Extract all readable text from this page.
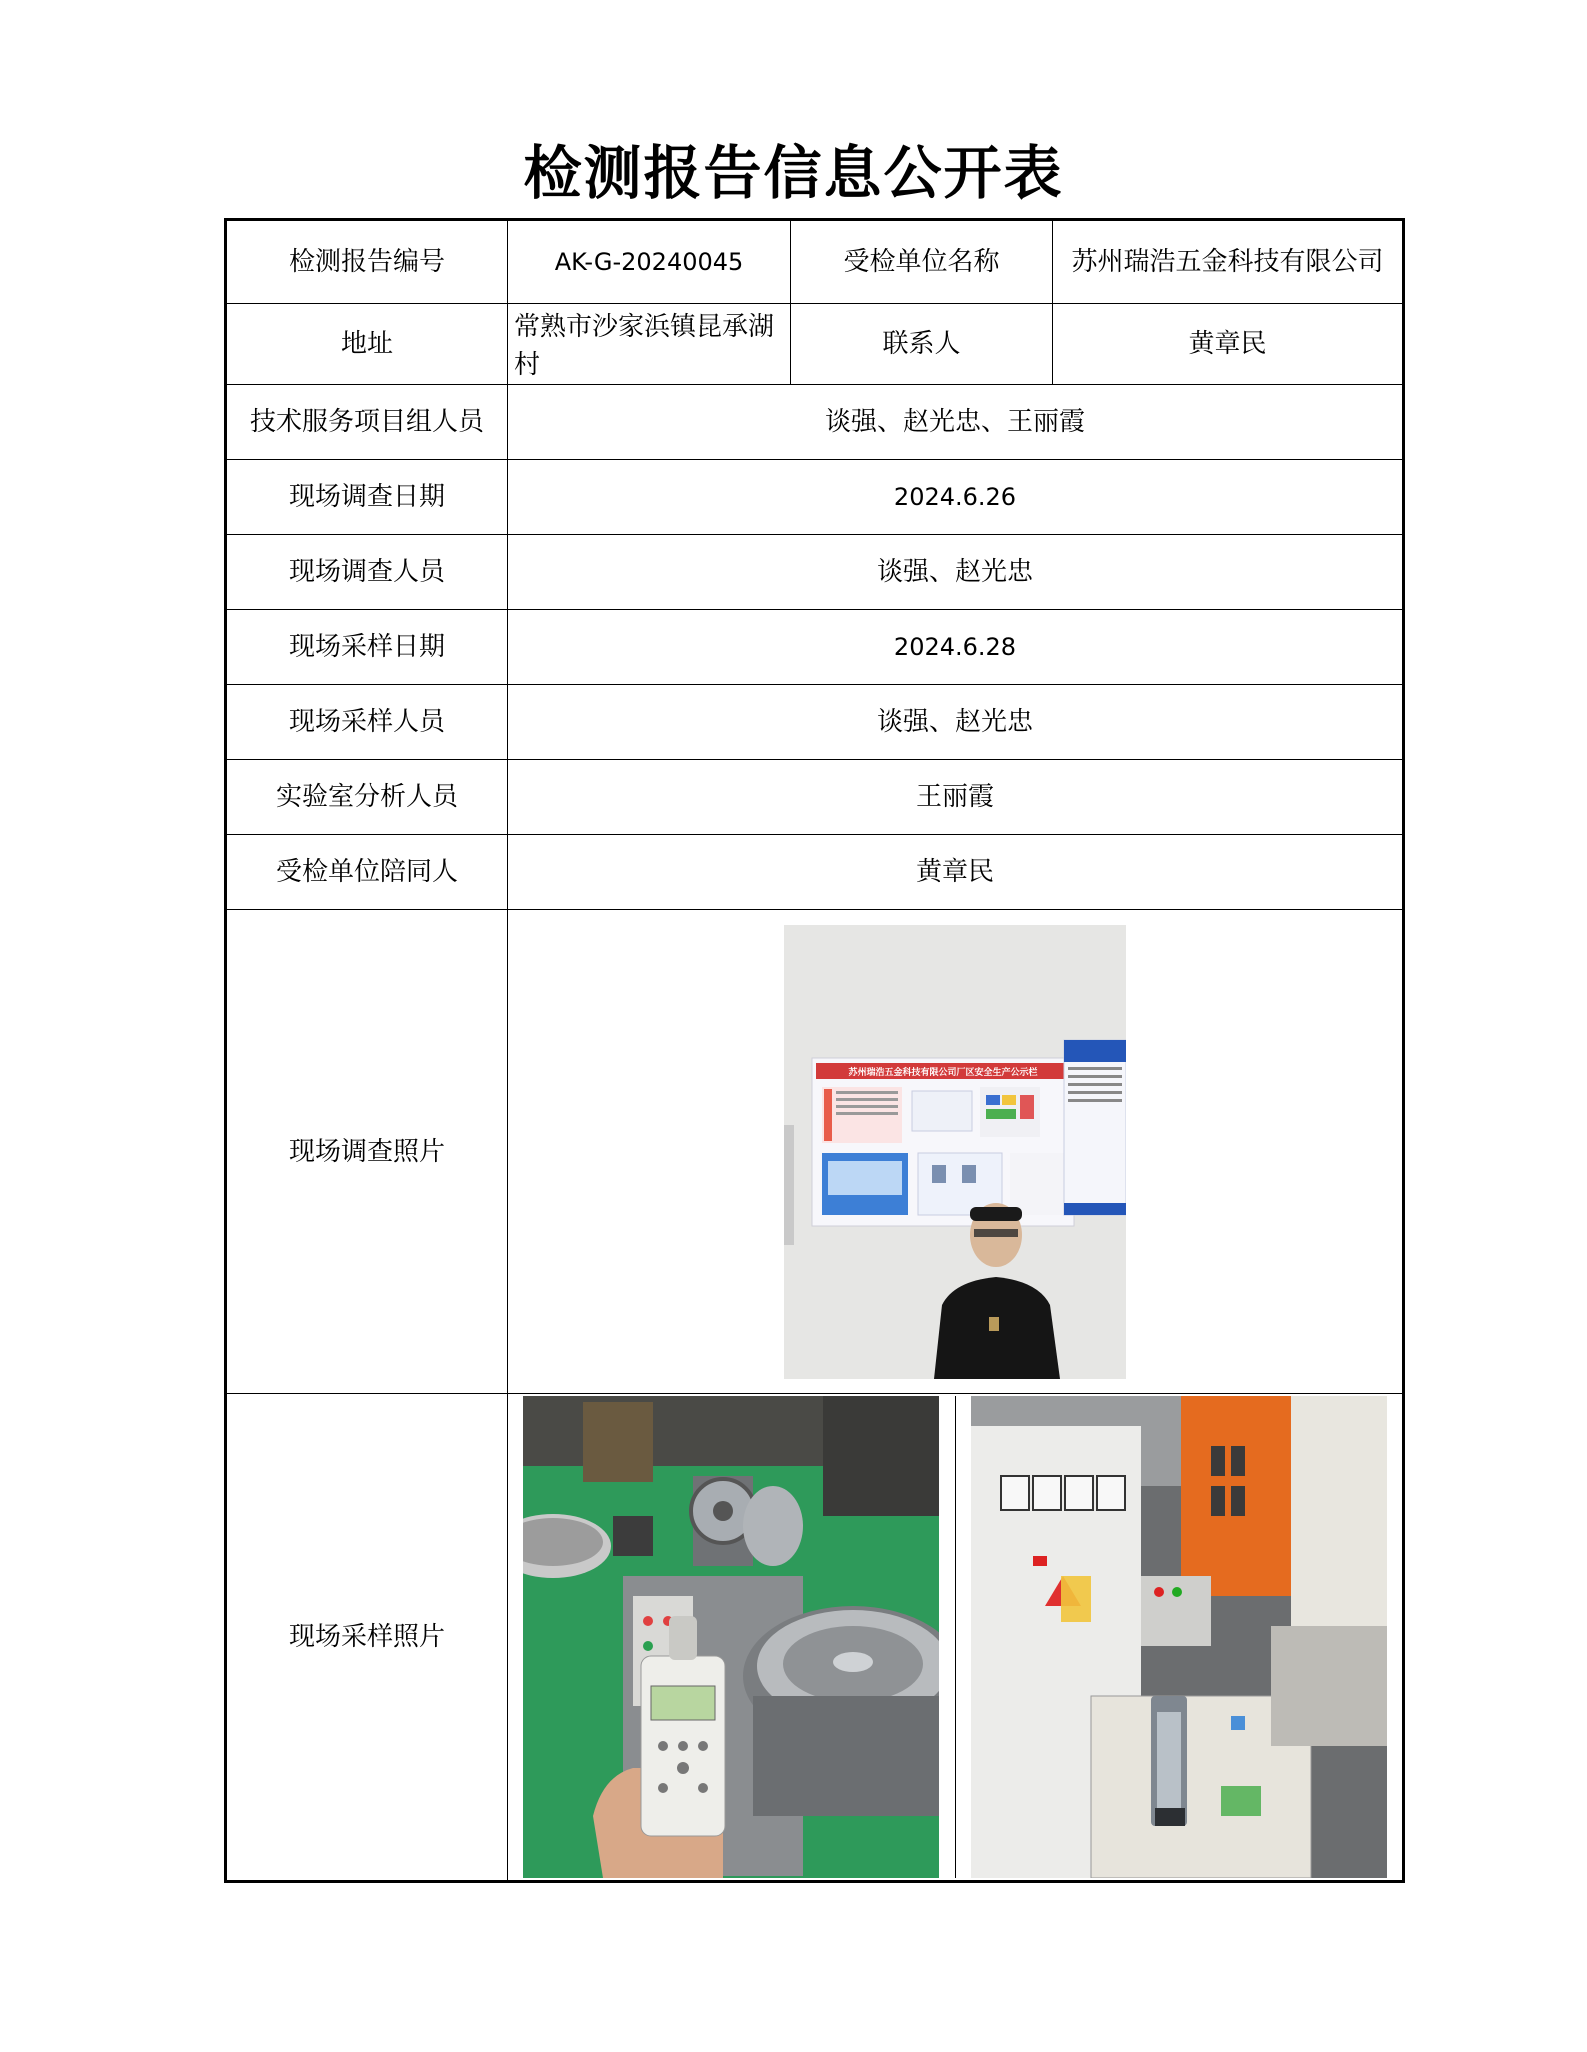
检测报告信息公开表
检测报告编号	AK-G-20240045	受检单位名称	苏州瑞浩五金科技有限公司
地址	常熟市沙家浜镇昆承湖村	联系人	黄章民
技术服务项目组人员	谈强、赵光忠、王丽霞		
现场调查日期	2024.6.26		
现场调查人员	谈强、赵光忠		
现场采样日期	2024.6.28		
现场采样人员	谈强、赵光忠		
实验室分析人员	王丽霞		
受检单位陪同人	黄章民		
现场调查照片	苏州瑞浩五金科技有限公司厂区安全生产公示栏		

现场采样照片	
